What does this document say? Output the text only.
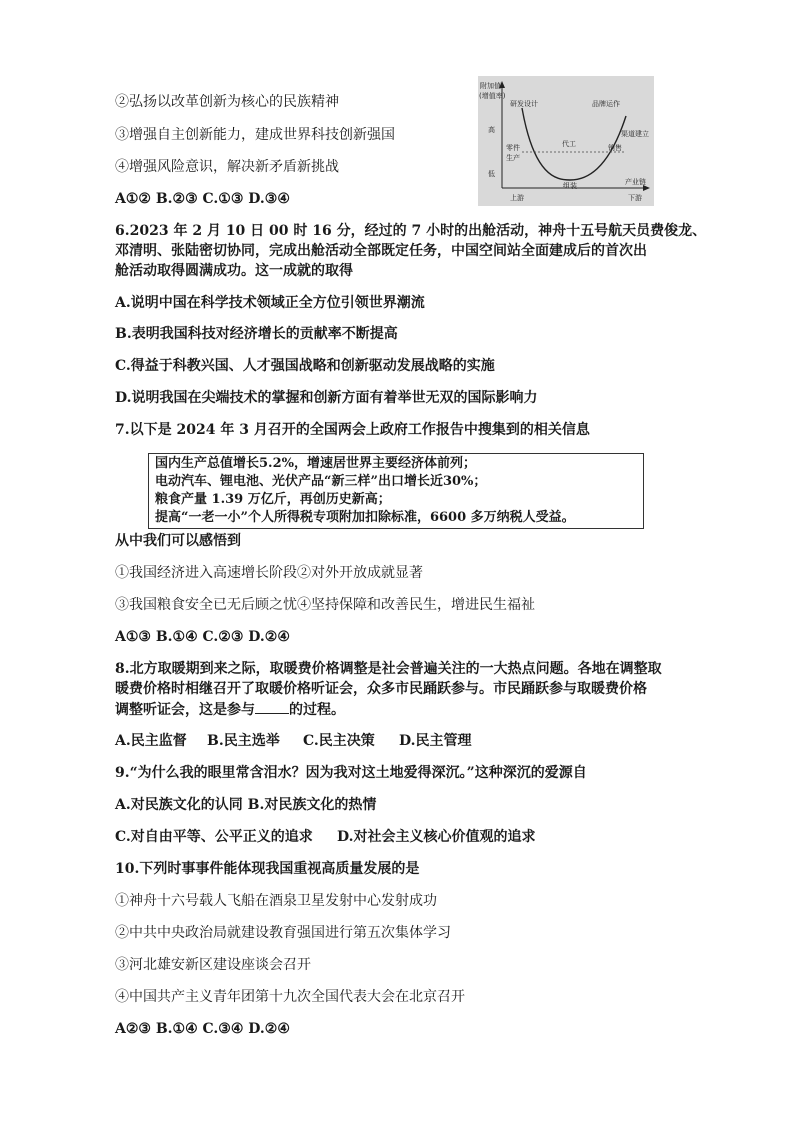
②弘扬以改革创新为核心的民族精神
③增强自主创新能力，建成世界科技创新强国
④增强风险意识，解决新矛盾新挑战
A①② B.②③ C.①③ D.③④
附加值
(增值率)
高
低
研发设计	品牌运作
渠道建立
销售
零件
生产
代工
组装	产业链
上游	下游
6.2023 年 2 月 10 日 00 时 16 分，经过的 7 小时的出舱活动，神舟十五号航天员费俊龙、
邓清明、张陆密切协同，完成出舱活动全部既定任务，中国空间站全面建成后的首次出
舱活动取得圆满成功。这一成就的取得
A.说明中国在科学技术领域正全方位引领世界潮流
B.表明我国科技对经济增长的贡献率不断提高
C.得益于科教兴国、人才强国战略和创新驱动发展战略的实施
D.说明我国在尖端技术的掌握和创新方面有着举世无双的国际影响力
7.以下是 2024 年 3 月召开的全国两会上政府工作报告中搜集到的相关信息
国内生产总值增长5.2%，增速居世界主要经济体前列；
电动汽车、锂电池、光伏产品“新三样”出口增长近30%；
粮食产量 1.39 万亿斤，再创历史新高；
提高“一老一小”个人所得税专项附加扣除标准，6600 多万纳税人受益。
从中我们可以感悟到
①我国经济进入高速增长阶段②对外开放成就显著
③我国粮食安全已无后顾之忧④坚持保障和改善民生，增进民生福祉
A①③ B.①④ C.②③ D.②④
8.北方取暖期到来之际，取暖费价格调整是社会普遍关注的一大热点问题。各地在调整取
暖费价格时相继召开了取暖价格听证会，众多市民踊跃参与。市民踊跃参与取暖费价格
调整听证会，这是参与 的过程。
A.民主监督 B.民主选举 C.民主决策 D.民主管理
9.“为什么我的眼里常含泪水？因为我对这土地爱得深沉。”这种深沉的爱源自
A.对民族文化的认同 B.对民族文化的热情
C.对自由平等、公平正义的追求 D.对社会主义核心价值观的追求
10.下列时事事件能体现我国重视高质量发展的是
①神舟十六号载人飞船在酒泉卫星发射中心发射成功
②中共中央政治局就建设教育强国进行第五次集体学习
③河北雄安新区建设座谈会召开
④中国共产主义青年团第十九次全国代表大会在北京召开
A②③ B.①④ C.③④ D.②④
